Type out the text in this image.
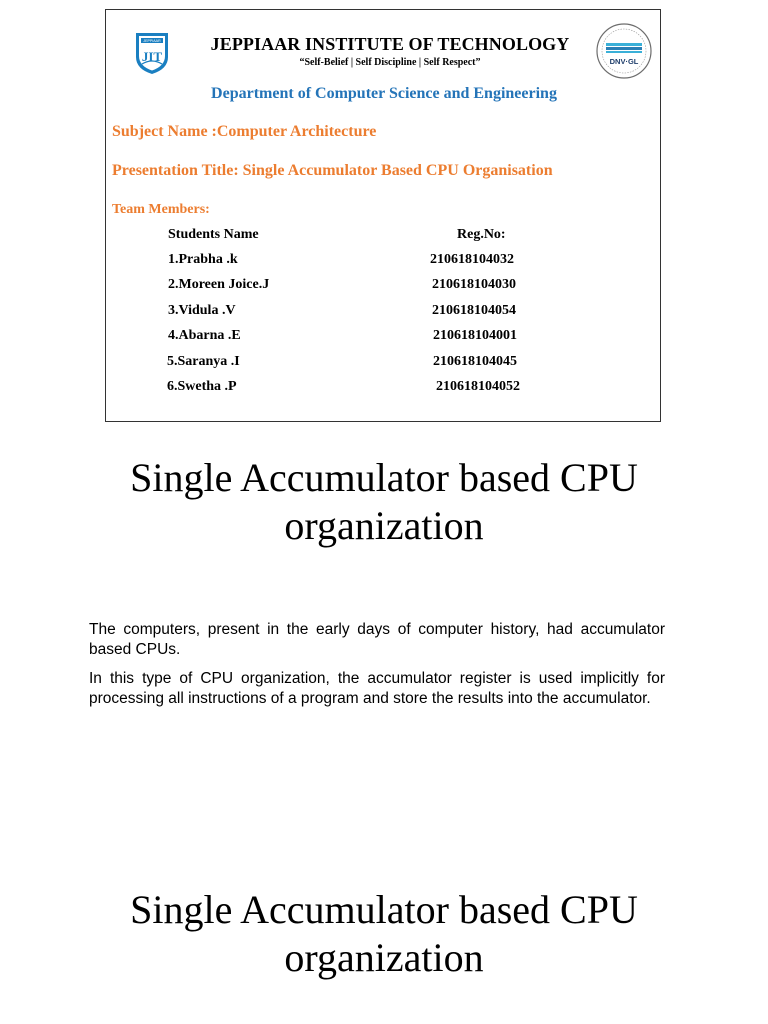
JEPPIAAR
JIT
JEPPIAAR INSTITUTE OF TECHNOLOGY
“Self-Belief | Self Discipline | Self Respect”	DNV·GL
Department of Computer Science and Engineering
Subject Name :Computer Architecture
Presentation Title: Single Accumulator Based CPU Organisation
Team Members:
Students Name	Reg.No:
1.Prabha .k	210618104032
2.Moreen Joice.J	210618104030
3.Vidula .V	210618104054
4.Abarna .E	210618104001
5.Saranya .I	210618104045
6.Swetha .P	210618104052
Single Accumulator based CPU
organization
The computers, present in the early days of computer history, had accumulator based CPUs.
In this type of CPU organization, the accumulator register is used implicitly for processing all instructions of a program and store the results into the accumulator.
Single Accumulator based CPU
organization
